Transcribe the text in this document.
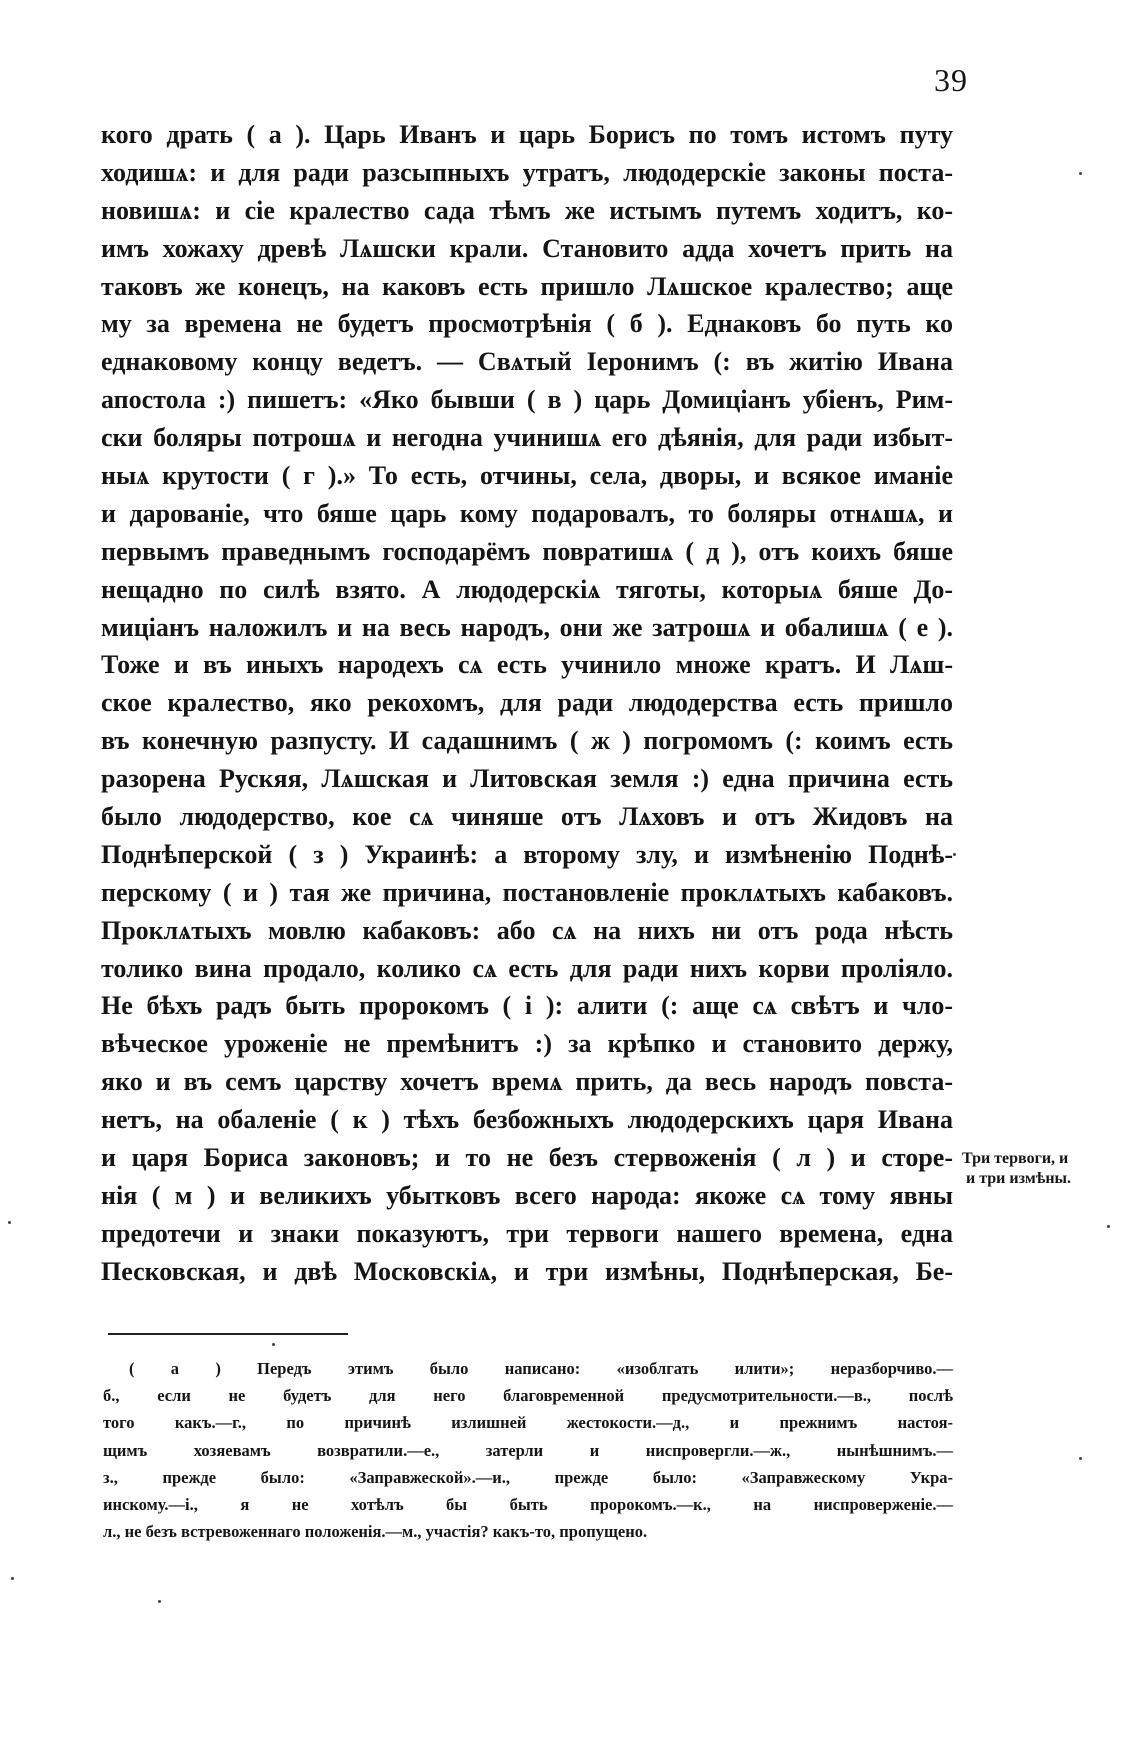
39
кого драть ( а ). Царь Иванъ и царь Борисъ по томъ истомъ путу
ходишѧ: и для ради разсыпныхъ утратъ, людодерскіе законы поста-
новишѧ: и сіе кралество сада тѣмъ же истымъ путемъ ходитъ, ко-
имъ хожаху древѣ Лѧшски крали. Становито адда хочетъ прить на
таковъ же конецъ, на каковъ есть пришло Лѧшское кралество; аще
му за времена не будетъ просмотрѣнія ( б ). Еднаковъ бо путь ко
еднаковому концу ведетъ. — Свѧтый Іеронимъ (: въ житію Ивана
апостола :) пишетъ: «Яко бывши ( в ) царь Домиціанъ убіенъ, Рим-
ски боляры потрошѧ и негодна учинишѧ его дѣянія, для ради избыт-
ныѧ крутости ( г ).» То есть, отчины, села, дворы, и всякое иманіе
и дарованіе, что бяше царь кому подаровалъ, то боляры отнѧшѧ, и
первымъ праведнымъ господарёмъ повратишѧ ( д ), отъ коихъ бяше
нещадно по силѣ взято. А людодерскіѧ тяготы, которыѧ бяше До-
миціанъ наложилъ и на весь народъ, они же затрошѧ и обалишѧ ( е ).
Тоже и въ иныхъ народехъ сѧ есть учинило множе кратъ. И Лѧш-
ское кралество, яко рекохомъ, для ради людодерства есть пришло
въ конечную разпусту. И садашнимъ ( ж ) погромомъ (: коимъ есть
разорена Рускяя, Лѧшская и Литовская земля :) една причина есть
было людодерство, кое сѧ чиняше отъ Лѧховъ и отъ Жидовъ на
Поднѣперской ( з ) Украинѣ: а второму злу, и измѣненію Поднѣ-
перскому ( и ) тая же причина, постановленіе проклѧтыхъ кабаковъ.
Проклѧтыхъ мовлю кабаковъ: або сѧ на нихъ ни отъ рода нѣсть
толико вина продало, колико сѧ есть для ради нихъ корви проліяло.
Не бѣхъ радъ быть пророкомъ ( і ): алити (: аще сѧ свѣтъ и чло-
вѣческое уроженіе не премѣнитъ :) за крѣпко и становито держу,
яко и въ семъ царству хочетъ времѧ прить, да весь народъ повста-
нетъ, на обаленіе ( к ) тѣхъ безбожныхъ людодерскихъ царя Ивана
и царя Бориса законовъ; и то не безъ стервоженія ( л ) и сторе-
нія ( м ) и великихъ убытковъ всего народа: якоже сѧ тому явны
предотечи и знаки показуютъ, три тервоги нашего времена, една
Песковская, и двѣ Московскіѧ, и три измѣны, Поднѣперская, Бе-
Три тервоги, и
и три измѣны.
( а ) Передъ этимъ было написано: «изоблгать илити»; неразборчиво.—
б., если не будетъ для него благовременной предусмотрительности.—в., послѣ
того какъ.—г., по причинѣ излишней жестокости.—д., и прежнимъ настоя-
щимъ хозяевамъ возвратили.—е., затерли и ниспровергли.—ж., нынѣшнимъ.—
з., прежде было: «Заправжеской».—и., прежде было: «Заправжескому Укра-
инскому.—і., я не хотѣлъ бы быть пророкомъ.—к., на ниспроверженіе.—
л., не безъ встревоженнаго положенія.—м., участія? какъ-то, пропущено.
